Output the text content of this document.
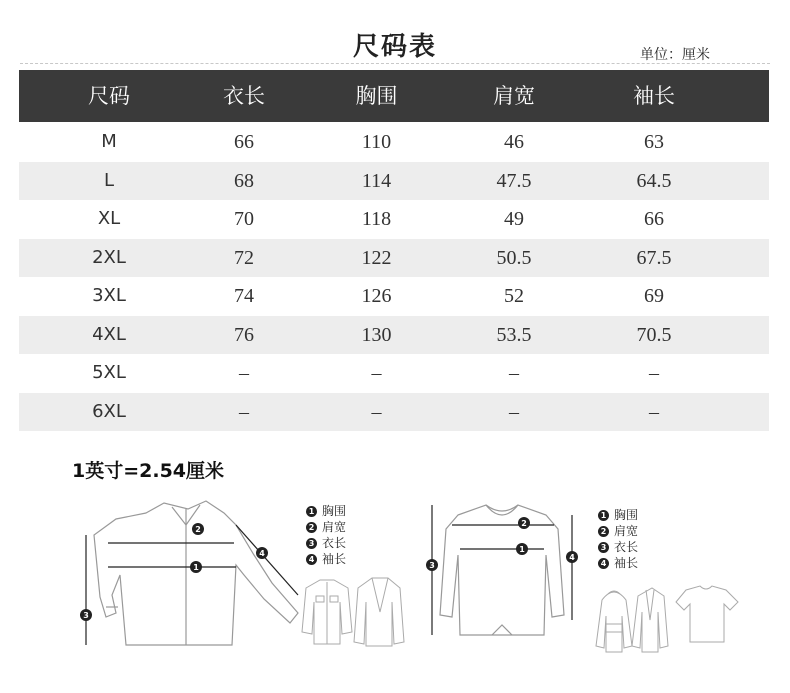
尺码表	单位：厘米
尺码	衣长	胸围	肩宽	袖长
M	66	110	46	63
L	68	114	47.5	64.5
XL	70	118	49	66
2XL	72	122	50.5	67.5
3XL	74	126	52	69
4XL	76	130	53.5	70.5
5XL	–	–	–	–
6XL	–	–	–	–
1英寸=2.54厘米
1
2
3
4
1 胸围
2 肩宽
3 衣长
4 袖长
1
2
3
4
1 胸围
2 肩宽
3 衣长
4 袖长
